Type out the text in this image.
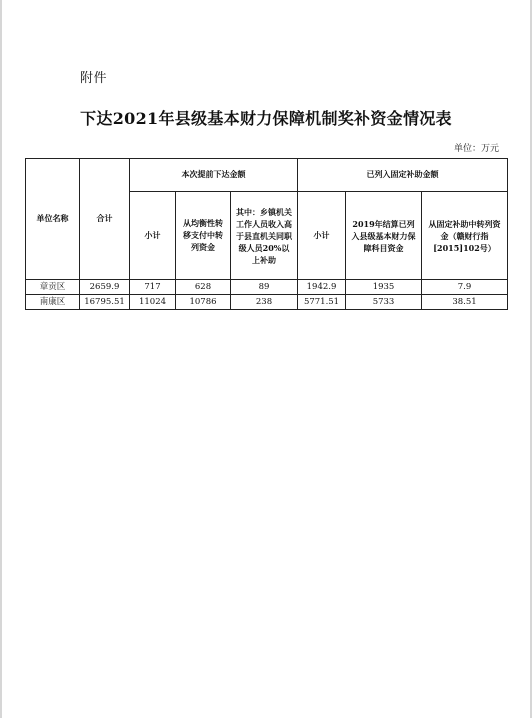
附件
下达2021年县级基本财力保障机制奖补资金情况表
单位：万元
单位名称	合计	本次提前下达金额			已列入固定补助金额		
		小计	从均衡性转移支付中转列资金	其中：乡镇机关工作人员收入高于县直机关同职级人员20%以上补助	小计	2019年结算已列入县级基本财力保障科目资金	从固定补助中转列资金（赣财行指[2015]102号）
章贡区	2659.9	717	628	89	1942.9	1935	7.9
南康区	16795.51	11024	10786	238	5771.51	5733	38.51
